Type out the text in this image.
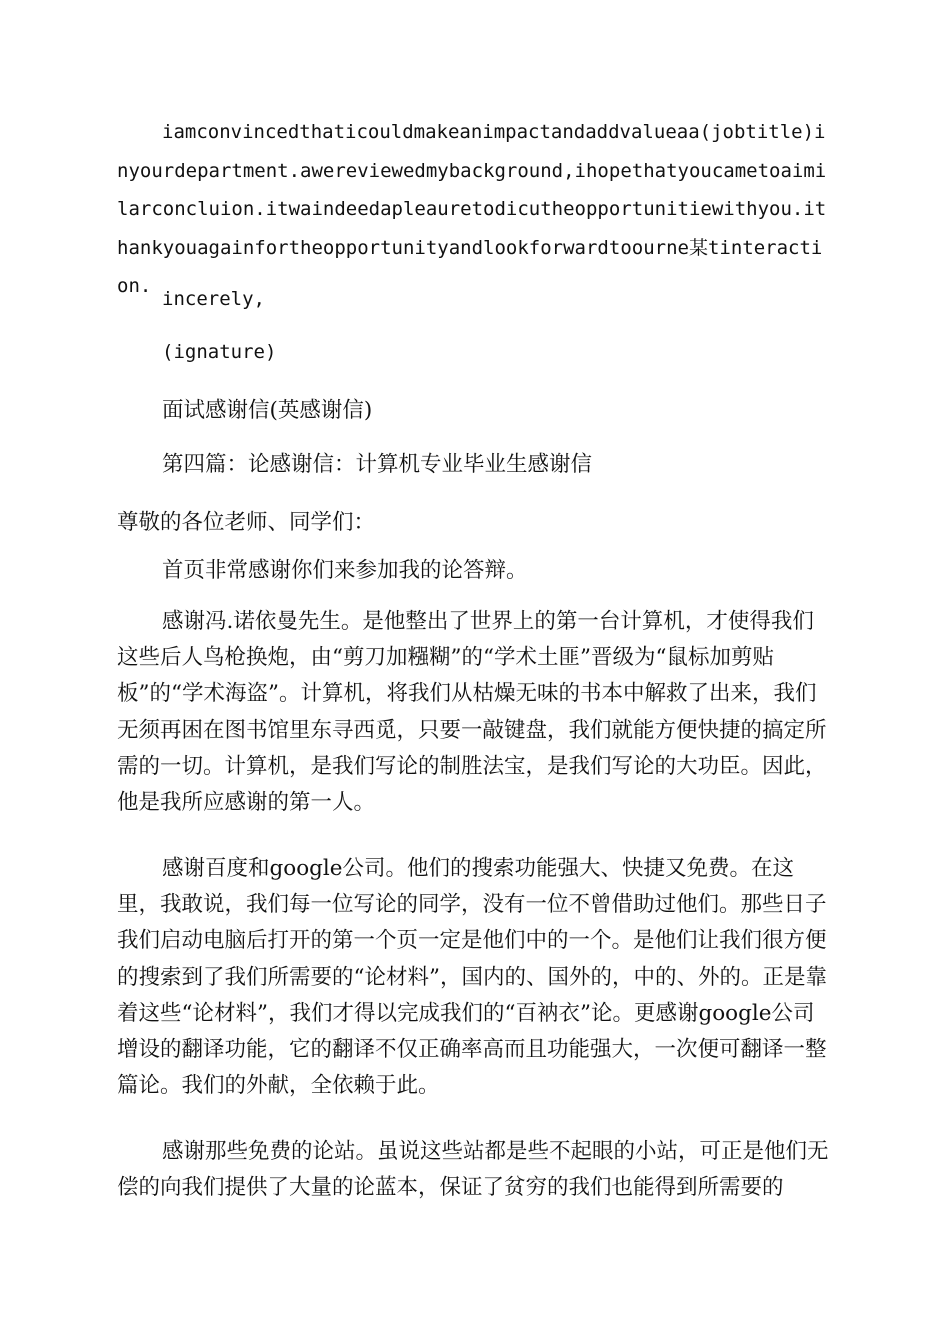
iamconvincedthaticouldmakeanimpactandaddvalueaa(jobtitle)inyourdepartment.awereviewedmybackground,ihopethatyoucametoaimilarconcluion.itwaindeedapleauretodicutheopportunitiewithyou.ithankyouagainfortheopportunityandlookforwardtoourne某tinteraction.

incerely,

(ignature)

面试感谢信(英感谢信)

第四篇：论感谢信：计算机专业毕业生感谢信

尊敬的各位老师、同学们：

首页非常感谢你们来参加我的论答辩。

感谢冯.诺依曼先生。是他整出了世界上的第一台计算机，才使得我们这些后人鸟枪换炮，由“剪刀加糨糊”的“学术土匪”晋级为“鼠标加剪贴板”的“学术海盗”。计算机，将我们从枯燥无味的书本中解救了出来，我们无须再困在图书馆里东寻西觅，只要一敲键盘，我们就能方便快捷的搞定所需的一切。计算机，是我们写论的制胜法宝，是我们写论的大功臣。因此，他是我所应感谢的第一人。

感谢百度和google公司。他们的搜索功能强大、快捷又免费。在这里，我敢说，我们每一位写论的同学，没有一位不曾借助过他们。那些日子我们启动电脑后打开的第一个页一定是他们中的一个。是他们让我们很方便的搜索到了我们所需要的“论材料”，国内的、国外的，中的、外的。正是靠着这些“论材料”，我们才得以完成我们的“百衲衣”论。更感谢google公司增设的翻译功能，它的翻译不仅正确率高而且功能强大，一次便可翻译一整篇论。我们的外献，全依赖于此。

感谢那些免费的论站。虽说这些站都是些不起眼的小站，可正是他们无偿的向我们提供了大量的论蓝本，保证了贫穷的我们也能得到所需要的
